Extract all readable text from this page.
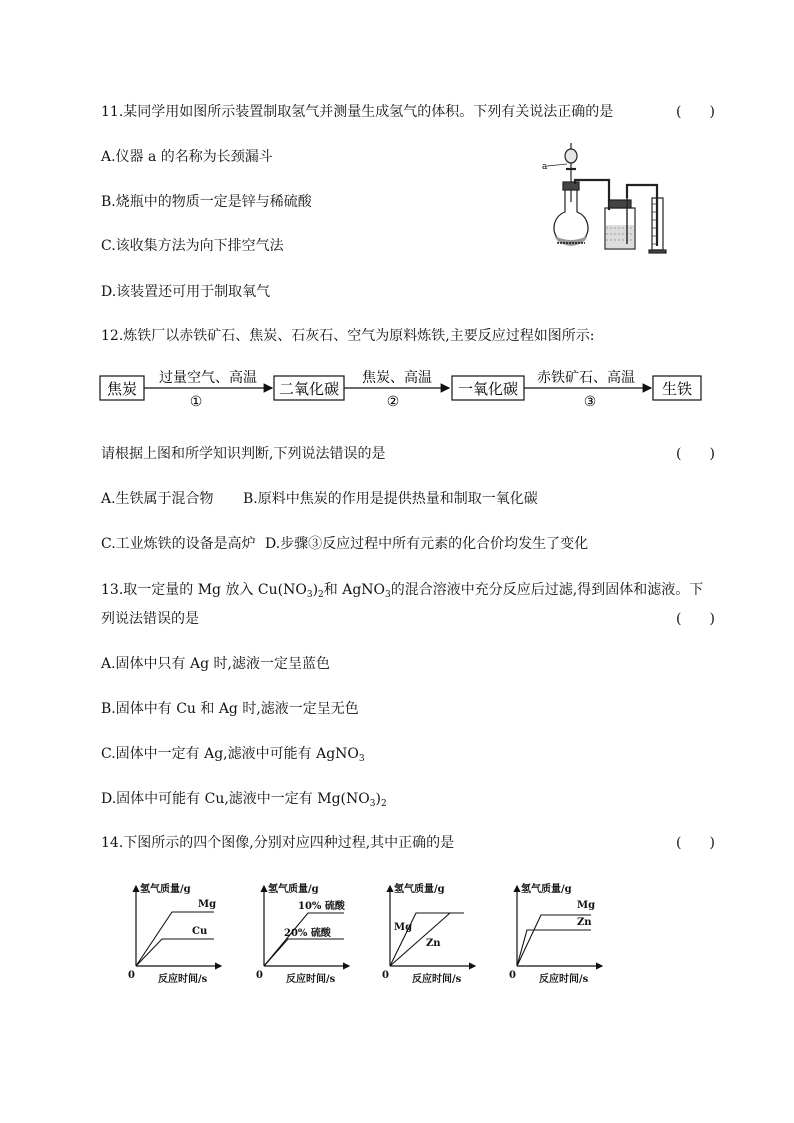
11.某同学用如图所示装置制取氢气并测量生成氢气的体积。下列有关说法正确的是	(　　)
A.仪器 a 的名称为长颈漏斗
B.烧瓶中的物质一定是锌与稀硫酸
C.该收集方法为向下排空气法
D.该装置还可用于制取氧气
a
12.炼铁厂以赤铁矿石、焦炭、石灰石、空气为原料炼铁,主要反应过程如图所示:
焦炭
过量空气、高温
①
二氧化碳
焦炭、高温
②
一氧化碳
赤铁矿石、高温
③
生铁
请根据上图和所学知识判断,下列说法错误的是	(　　)
A.生铁属于混合物 B.原料中焦炭的作用是提供热量和制取一氧化碳
C.工业炼铁的设备是高炉 D.步骤③反应过程中所有元素的化合价均发生了变化
13.取一定量的 Mg 放入 $Cu(NO_3)_2$和 AgNO$_3$的混合溶液中充分反应后过滤,得到固体和滤液。下
列说法错误的是	(　　)
A.固体中只有 Ag 时,滤液一定呈蓝色
B.固体中有 Cu 和 Ag 时,滤液一定呈无色
C.固体中一定有 Ag,滤液中可能有 AgNO$_3$
D.固体中可能有 Cu,滤液中一定有 $Mg(NO_3)_2$
14.下图所示的四个图像,分别对应四种过程,其中正确的是	(　　)
氢气质量/g
反应时间/s
0
Mg
Cu
氢气质量/g
反应时间/s
0
10% 硫酸
20% 硫酸
氢气质量/g
反应时间/s
0
Mg
Zn
氢气质量/g
反应时间/s
0
Mg
Zn
